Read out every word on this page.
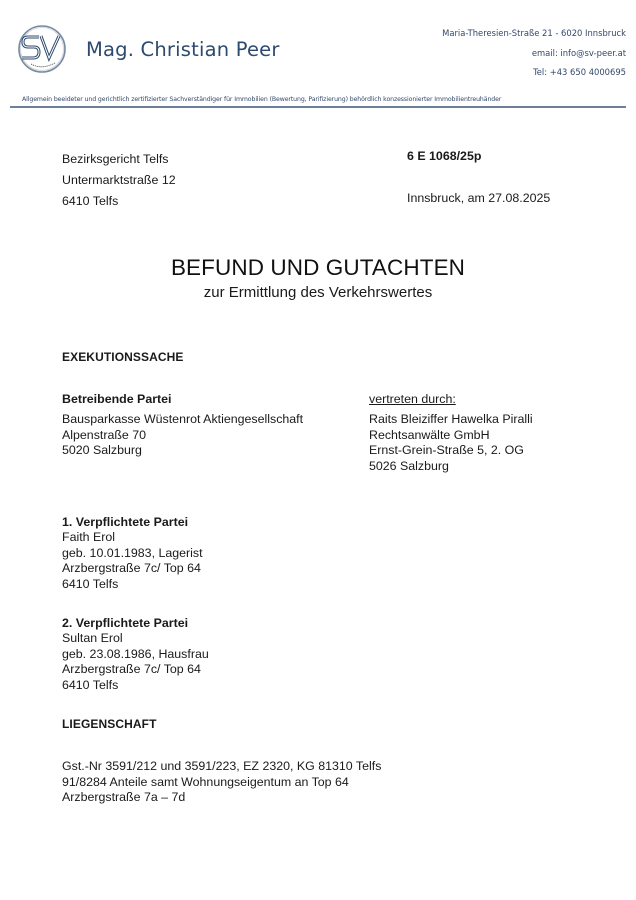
Mag. Christian Peer
Maria-Theresien-Straße 21 - 6020 Innsbruck
email: info@sv-peer.at
Tel: +43 650 4000695
Allgemein beeideter und gerichtlich zertifizierter Sachverständiger für Immobilien (Bewertung, Parifizierung) behördlich konzessionierter Immobilientreuhänder
Bezirksgericht Telfs
Untermarktstraße 12
6410 Telfs
6 E 1068/25p
Innsbruck, am 27.08.2025
BEFUND UND GUTACHTEN
zur Ermittlung des Verkehrswertes
EXEKUTIONSSACHE
Betreibende Partei
Bausparkasse Wüstenrot Aktiengesellschaft
Alpenstraße 70
5020 Salzburg
vertreten durch:
Raits Bleiziffer Hawelka Piralli
Rechtsanwälte GmbH
Ernst-Grein-Straße 5, 2. OG
5026 Salzburg
1. Verpflichtete Partei
Faith Erol
geb. 10.01.1983, Lagerist
Arzbergstraße 7c/ Top 64
6410 Telfs
2. Verpflichtete Partei
Sultan Erol
geb. 23.08.1986, Hausfrau
Arzbergstraße 7c/ Top 64
6410 Telfs
LIEGENSCHAFT
Gst.-Nr 3591/212 und 3591/223, EZ 2320, KG 81310 Telfs
91/8284 Anteile samt Wohnungseigentum an Top 64
Arzbergstraße 7a – 7d
